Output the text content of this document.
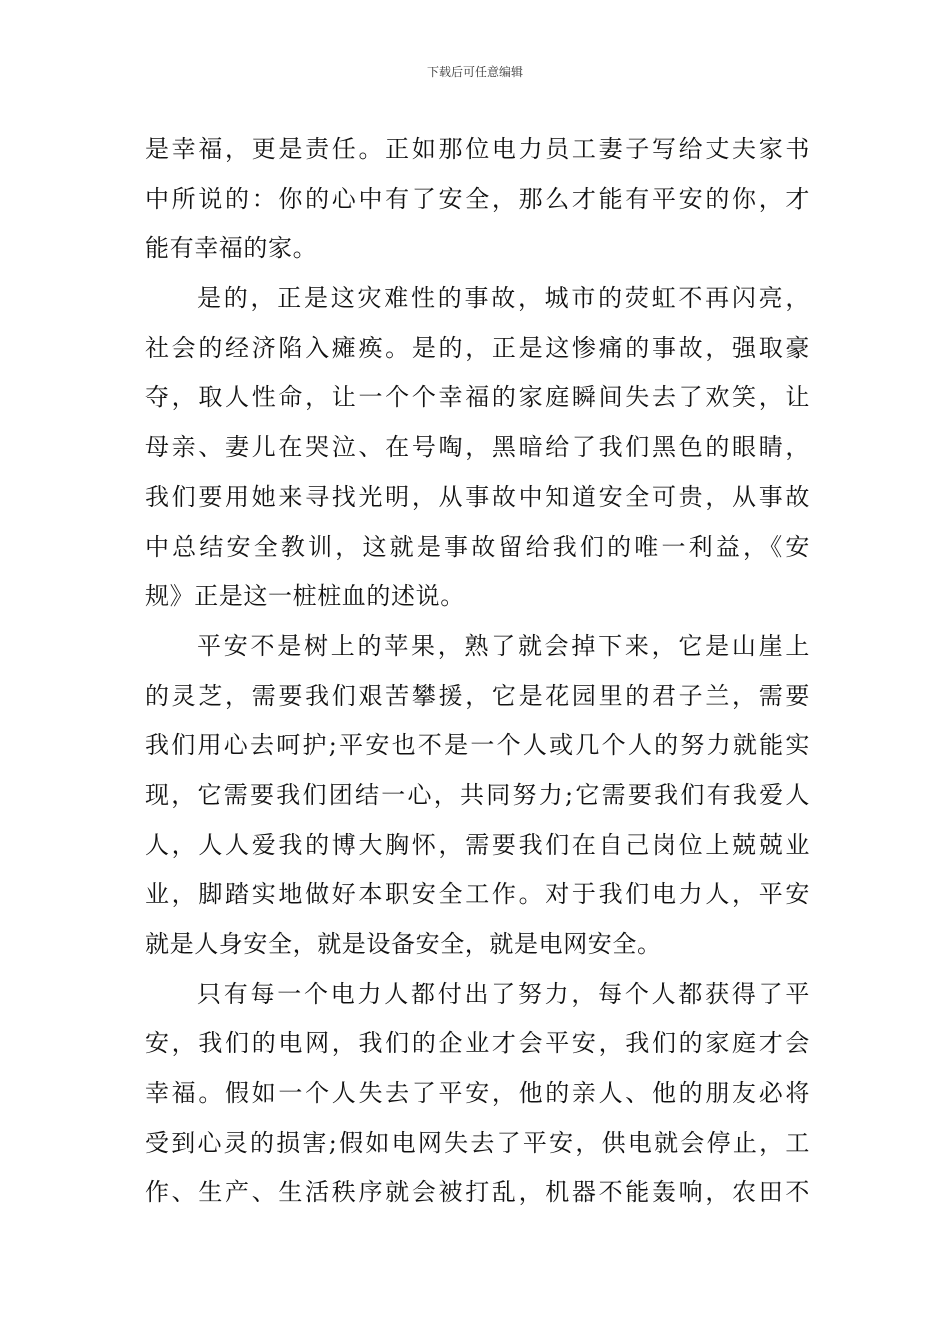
下载后可任意编辑
是幸福，更是责任。正如那位电力员工妻子写给丈夫家书
中所说的：你的心中有了安全，那么才能有平安的你，才
能有幸福的家。
是的，正是这灾难性的事故，城市的荧虹不再闪亮，
社会的经济陷入瘫痪。是的，正是这惨痛的事故，强取豪
夺，取人性命，让一个个幸福的家庭瞬间失去了欢笑，让
母亲、妻儿在哭泣、在号啕，黑暗给了我们黑色的眼睛，
我们要用她来寻找光明，从事故中知道安全可贵，从事故
中总结安全教训，这就是事故留给我们的唯一利益，《安
规》正是这一桩桩血的述说。
平安不是树上的苹果，熟了就会掉下来，它是山崖上
的灵芝，需要我们艰苦攀援，它是花园里的君子兰，需要
我们用心去呵护;平安也不是一个人或几个人的努力就能实
现，它需要我们团结一心，共同努力;它需要我们有我爱人
人，人人爱我的博大胸怀，需要我们在自己岗位上兢兢业
业，脚踏实地做好本职安全工作。对于我们电力人，平安
就是人身安全，就是设备安全，就是电网安全。
只有每一个电力人都付出了努力，每个人都获得了平
安，我们的电网，我们的企业才会平安，我们的家庭才会
幸福。假如一个人失去了平安，他的亲人、他的朋友必将
受到心灵的损害;假如电网失去了平安，供电就会停止，工
作、生产、生活秩序就会被打乱，机器不能轰响，农田不
